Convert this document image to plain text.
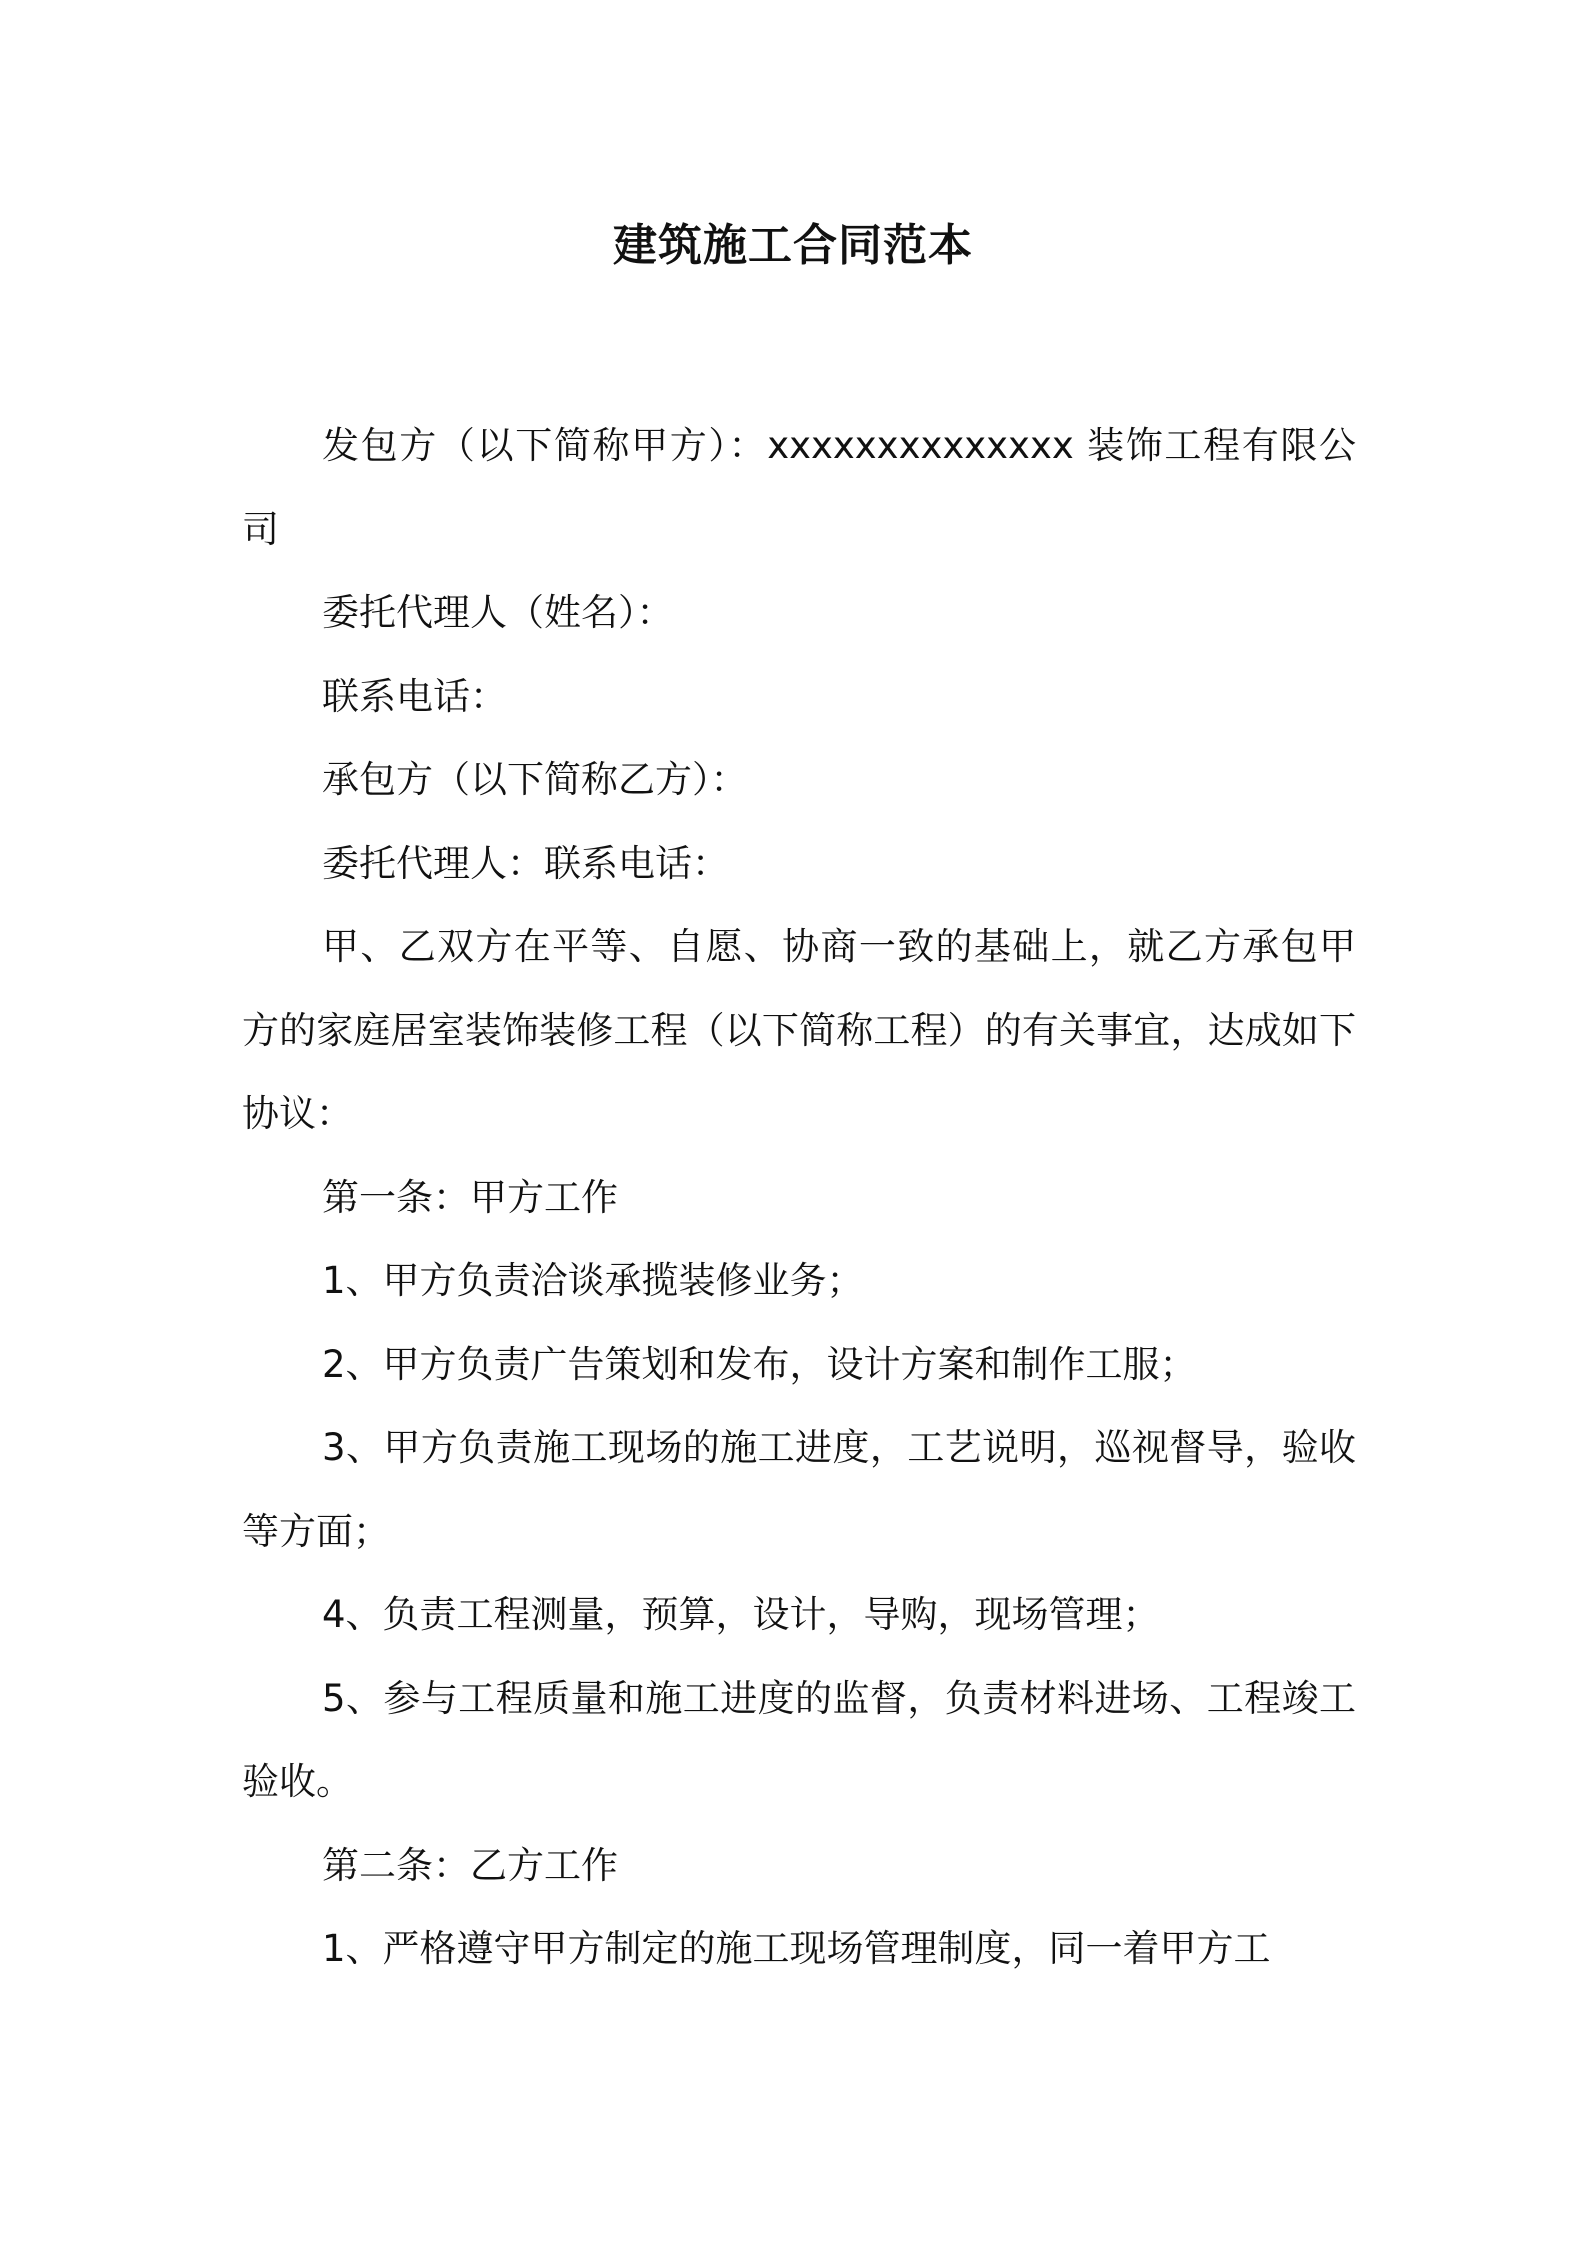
建筑施工合同范本

发包方（以下简称甲方）：xxxxxxxxxxxxxx 装饰工程有限公司

委托代理人（姓名）：

联系电话：

承包方（以下简称乙方）：

委托代理人：联系电话：

甲、乙双方在平等、自愿、协商一致的基础上，就乙方承包甲方的家庭居室装饰装修工程（以下简称工程）的有关事宜，达成如下协议：

第一条：甲方工作

1、甲方负责洽谈承揽装修业务；

2、甲方负责广告策划和发布，设计方案和制作工服；

3、甲方负责施工现场的施工进度，工艺说明，巡视督导，验收等方面；

4、负责工程测量，预算，设计，导购，现场管理；

5、参与工程质量和施工进度的监督，负责材料进场、工程竣工验收。

第二条：乙方工作

1、严格遵守甲方制定的施工现场管理制度，同一着甲方工
